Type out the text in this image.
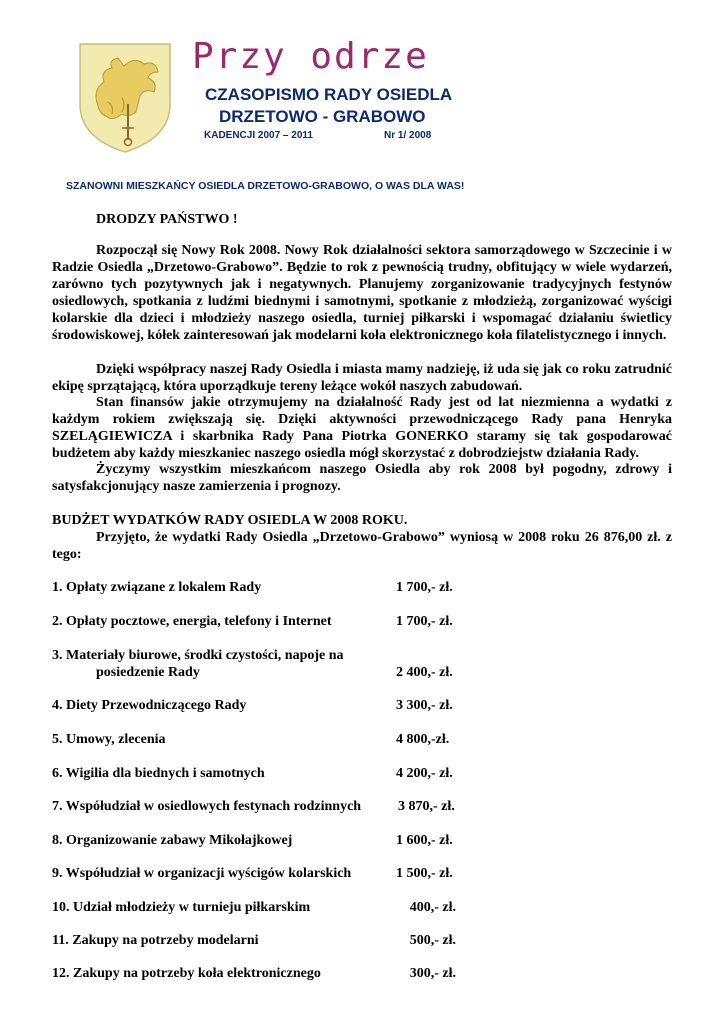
Przy odrze
CZASOPISMO RADY OSIEDLA
DRZETOWO - GRABOWO
KADENCJI 2007 – 2011	Nr 1/ 2008
SZANOWNI MIESZKAŃCY OSIEDLA DRZETOWO-GRABOWO, O WAS DLA WAS!
DRODZY PAŃSTWO !
Rozpoczął się Nowy Rok 2008. Nowy Rok działalności sektora samorządowego w Szczecinie i w Radzie Osiedla „Drzetowo-Grabowo”. Będzie to rok z pewnością trudny, obfitujący w wiele wydarzeń, zarówno tych pozytywnych jak i negatywnych. Planujemy zorganizowanie tradycyjnych festynów osiedlowych, spotkania z ludźmi biednymi i samotnymi, spotkanie z młodzieżą, zorganizować wyścigi kolarskie dla dzieci i młodzieży naszego osiedla, turniej piłkarski i wspomagać działaniu świetlicy środowiskowej, kółek zainteresowań jak modelarni koła elektronicznego koła filatelistycznego i innych.
Dzięki współpracy naszej Rady Osiedla i miasta mamy nadzieję, iż uda się jak co roku zatrudnić ekipę sprzątającą, która uporządkuje tereny leżące wokół naszych zabudowań.
Stan finansów jakie otrzymujemy na działalność Rady jest od lat niezmienna a wydatki z każdym rokiem zwiększają się. Dzięki aktywności przewodniczącego Rady pana Henryka SZELĄGIEWICZA i skarbnika Rady Pana Piotrka GONERKO staramy się tak gospodarować budżetem aby każdy mieszkaniec naszego osiedla mógł skorzystać z dobrodziejstw działania Rady.
Życzymy wszystkim mieszkańcom naszego Osiedla aby rok 2008 był pogodny, zdrowy i satysfakcjonujący nasze zamierzenia i prognozy.
BUDŻET WYDATKÓW RADY OSIEDLA W 2008 ROKU.
Przyjęto, że wydatki Rady Osiedla „Drzetowo-Grabowo” wyniosą w 2008 roku 26 876,00 zł. z tego:
1. Opłaty związane z lokalem Rady	1 700,- zł.
2. Opłaty pocztowe, energia, telefony i Internet	1 700,- zł.
3. Materiały biurowe, środki czystości, napoje na
posiedzenie Rady	2 400,- zł.
4. Diety Przewodniczącego Rady	3 300,- zł.
5. Umowy, zlecenia	4 800,-zł.
6. Wigilia dla biednych i samotnych	4 200,- zł.
7. Współudział w osiedlowych festynach rodzinnych	3 870,- zł.
8. Organizowanie zabawy Mikołajkowej	1 600,- zł.
9. Współudział w organizacji wyścigów kolarskich	1 500,- zł.
10. Udział młodzieży w turnieju piłkarskim	400,- zł.
11. Zakupy na potrzeby modelarni	500,- zł.
12. Zakupy na potrzeby koła elektronicznego	300,- zł.
